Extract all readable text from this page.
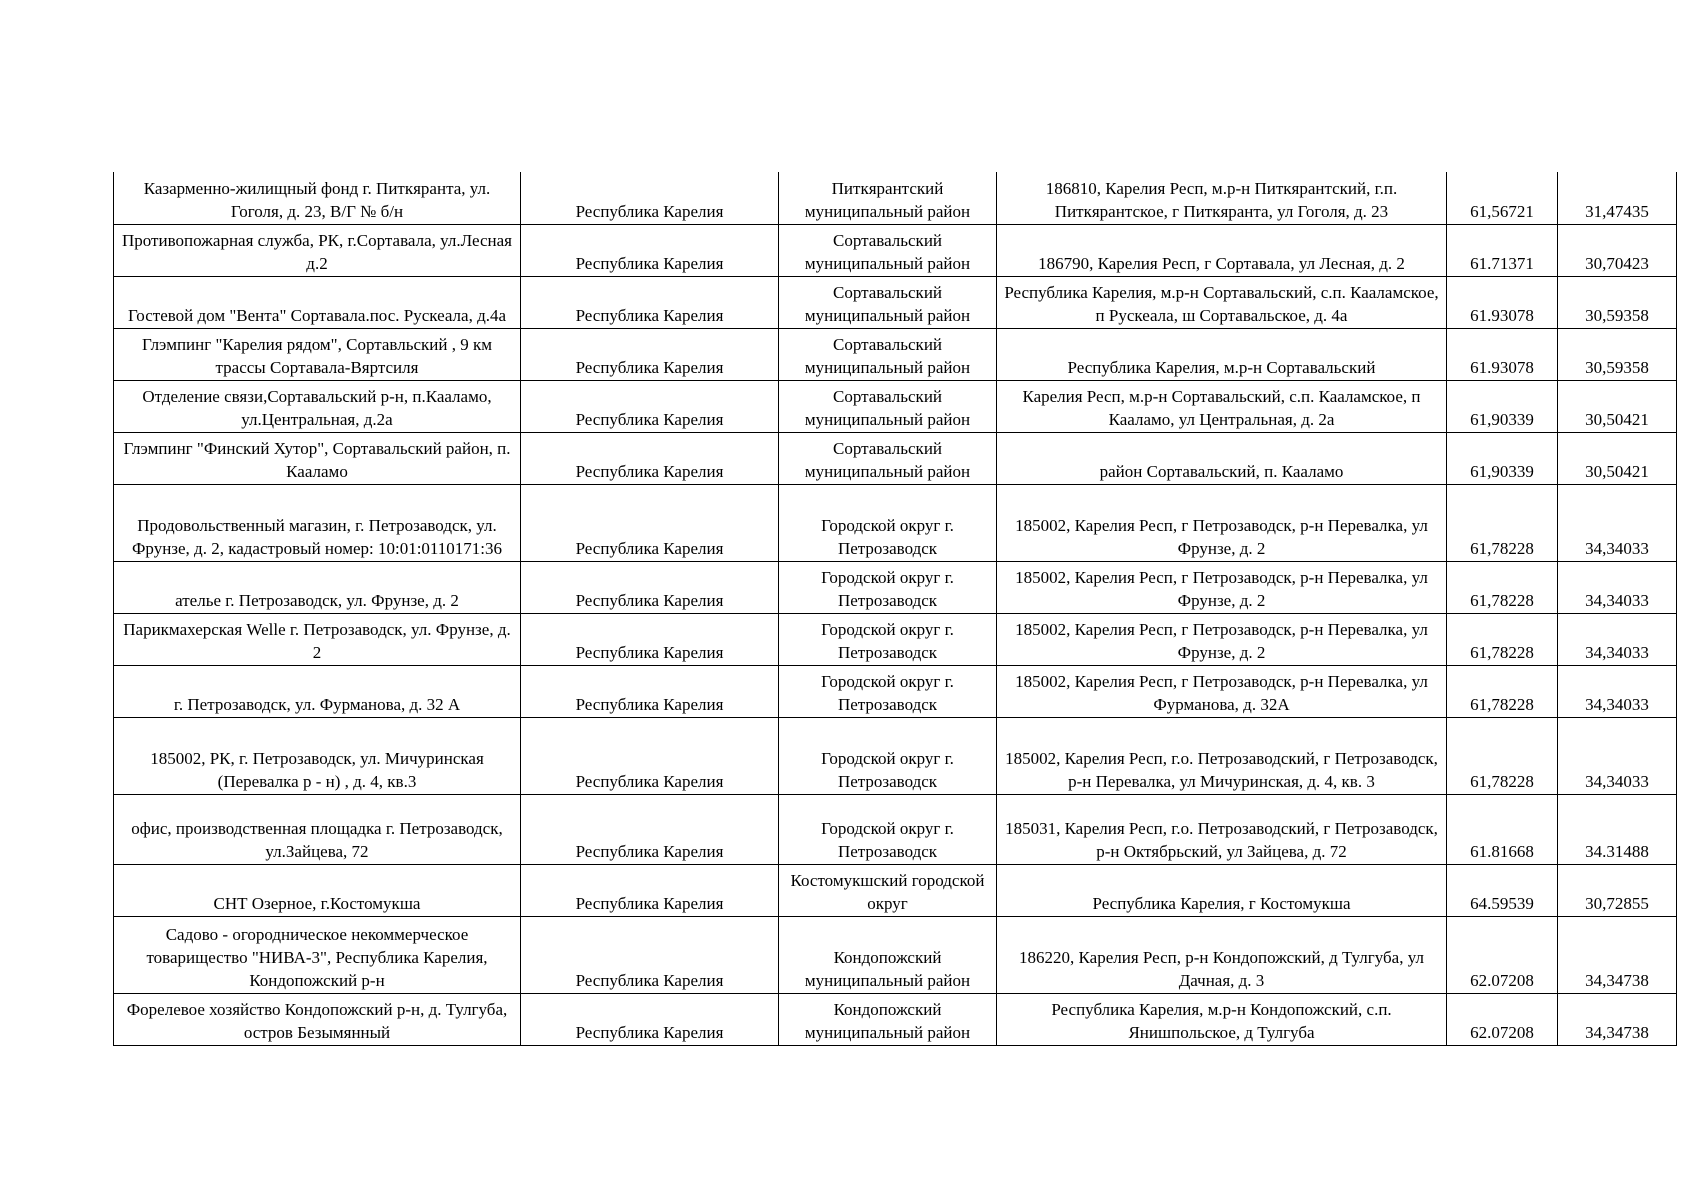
Казарменно-жилищный фонд г. Питкяранта, ул. Гоголя, д. 23, В/Г № б/н	Республика Карелия	Питкярантский муниципальный район	186810, Карелия Респ, м.р-н Питкярантский, г.п. Питкярантское, г Питкяранта, ул Гоголя, д. 23	61,56721	31,47435
Противопожарная служба, РК, г.Сортавала, ул.Лесная д.2	Республика Карелия	Сортавальский муниципальный район	186790, Карелия Респ, г Сортавала, ул Лесная, д. 2	61.71371	30,70423
Гостевой дом "Вента" Сортавала.пос. Рускеала, д.4а	Республика Карелия	Сортавальский муниципальный район	Республика Карелия, м.р-н Сортавальский, с.п. Кааламское, п Рускеала, ш Сортавальское, д. 4а	61.93078	30,59358
Глэмпинг "Карелия рядом", Сортавльский , 9 км трассы Сортавала-Вяртсиля	Республика Карелия	Сортавальский муниципальный район	Республика Карелия, м.р-н Сортавальский	61.93078	30,59358
Отделение связи,Сортавальский р-н, п.Кааламо, ул.Центральная, д.2а	Республика Карелия	Сортавальский муниципальный район	Карелия Респ, м.р-н Сортавальский, с.п. Кааламское, п Кааламо, ул Центральная, д. 2а	61,90339	30,50421
Глэмпинг "Финский Хутор", Сортавальский район, п. Кааламо	Республика Карелия	Сортавальский муниципальный район	район Сортавальский, п. Кааламо	61,90339	30,50421
Продовольственный магазин, г. Петрозаводск, ул. Фрунзе, д. 2, кадастровый номер: 10:01:0110171:36	Республика Карелия	Городской округ г. Петрозаводск	185002, Карелия Респ, г Петрозаводск, р-н Перевалка, ул Фрунзе, д. 2	61,78228	34,34033
ателье г. Петрозаводск, ул. Фрунзе, д. 2	Республика Карелия	Городской округ г. Петрозаводск	185002, Карелия Респ, г Петрозаводск, р-н Перевалка, ул Фрунзе, д. 2	61,78228	34,34033
Парикмахерская Welle г. Петрозаводск, ул. Фрунзе, д. 2	Республика Карелия	Городской округ г. Петрозаводск	185002, Карелия Респ, г Петрозаводск, р-н Перевалка, ул Фрунзе, д. 2	61,78228	34,34033
г. Петрозаводск, ул. Фурманова, д. 32 А	Республика Карелия	Городской округ г. Петрозаводск	185002, Карелия Респ, г Петрозаводск, р-н Перевалка, ул Фурманова, д. 32А	61,78228	34,34033
185002, РК, г. Петрозаводск, ул. Мичуринская (Перевалка р - н) , д. 4, кв.3	Республика Карелия	Городской округ г. Петрозаводск	185002, Карелия Респ, г.о. Петрозаводский, г Петрозаводск, р-н Перевалка, ул Мичуринская, д. 4, кв. 3	61,78228	34,34033
офис, производственная площадка г. Петрозаводск, ул.Зайцева, 72	Республика Карелия	Городской округ г. Петрозаводск	185031, Карелия Респ, г.о. Петрозаводский, г Петрозаводск, р-н Октябрьский, ул Зайцева, д. 72	61.81668	34.31488
СНТ Озерное, г.Костомукша	Республика Карелия	Костомукшский городской округ	Республика Карелия, г Костомукша	64.59539	30,72855
Садово - огородническое некоммерческое товарищество "НИВА-3", Республика Карелия, Кондопожский р-н	Республика Карелия	Кондопожский муниципальный район	186220, Карелия Респ, р-н Кондопожский, д Тулгуба, ул Дачная, д. 3	62.07208	34,34738
Форелевое хозяйство Кондопожский р-н, д. Тулгуба, остров Безымянный	Республика Карелия	Кондопожский муниципальный район	Республика Карелия, м.р-н Кондопожский, с.п. Янишпольское, д Тулгуба	62.07208	34,34738
